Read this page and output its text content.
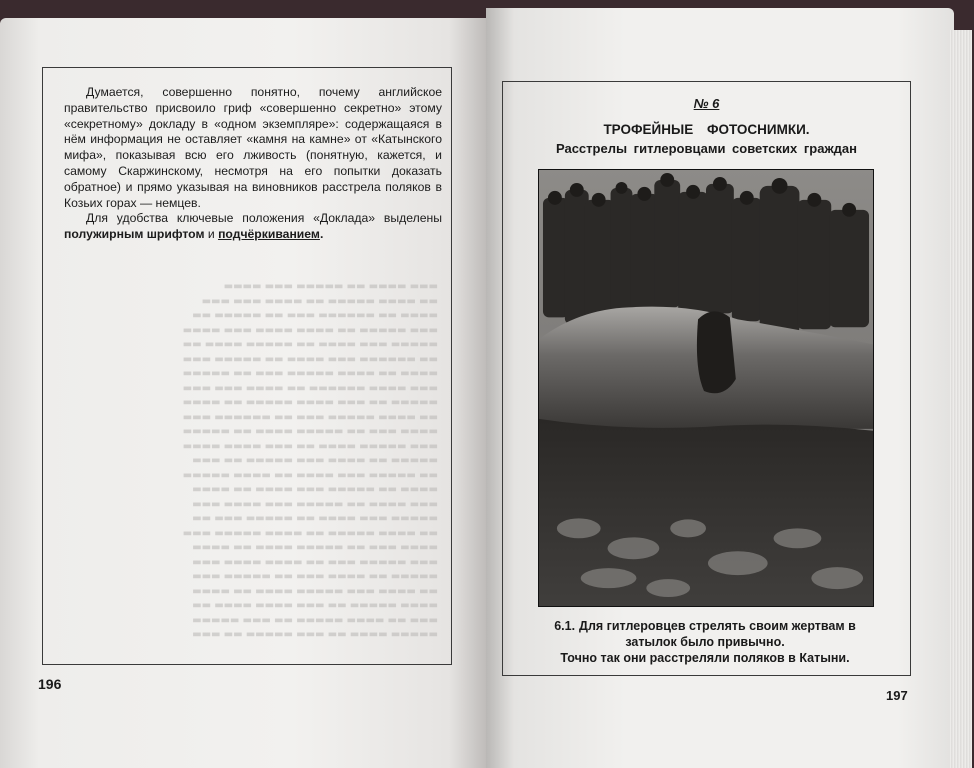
▬▬▬ ▬▬▬▬ ▬▬ ▬▬▬▬▬ ▬▬▬ ▬▬▬▬
▬▬ ▬▬▬▬ ▬▬▬▬▬ ▬▬ ▬▬▬▬ ▬▬▬ ▬▬▬
▬▬▬▬ ▬▬ ▬▬▬▬▬▬ ▬▬▬ ▬▬ ▬▬▬▬▬ ▬▬
▬▬▬ ▬▬▬▬▬ ▬▬ ▬▬▬▬ ▬▬▬▬ ▬▬▬ ▬▬▬▬
▬▬▬▬▬ ▬▬▬ ▬▬▬▬ ▬▬ ▬▬▬▬▬ ▬▬▬▬ ▬▬
▬▬ ▬▬▬▬▬▬ ▬▬▬ ▬▬▬▬ ▬▬ ▬▬▬▬▬ ▬▬▬
▬▬▬▬ ▬▬ ▬▬▬▬ ▬▬▬▬▬ ▬▬▬ ▬▬ ▬▬▬▬▬
▬▬▬ ▬▬▬▬ ▬▬▬▬▬▬ ▬▬ ▬▬▬▬ ▬▬▬ ▬▬▬
▬▬▬▬▬ ▬▬ ▬▬▬ ▬▬▬▬ ▬▬▬▬▬ ▬▬ ▬▬▬▬
▬▬ ▬▬▬▬ ▬▬▬▬▬ ▬▬▬ ▬▬ ▬▬▬▬▬▬ ▬▬▬
▬▬▬▬ ▬▬▬ ▬▬ ▬▬▬▬▬ ▬▬▬▬ ▬▬ ▬▬▬▬▬
▬▬▬ ▬▬▬▬▬ ▬▬▬▬ ▬▬ ▬▬▬ ▬▬▬▬ ▬▬▬▬
▬▬▬▬▬ ▬▬ ▬▬▬▬ ▬▬▬ ▬▬▬▬▬ ▬▬ ▬▬▬
▬▬ ▬▬▬▬▬ ▬▬▬ ▬▬▬▬ ▬▬ ▬▬▬▬ ▬▬▬▬▬
▬▬▬▬ ▬▬ ▬▬▬▬▬ ▬▬▬ ▬▬▬▬ ▬▬ ▬▬▬▬
▬▬▬ ▬▬▬▬ ▬▬ ▬▬▬▬▬ ▬▬▬ ▬▬▬▬ ▬▬▬
▬▬▬▬▬ ▬▬▬ ▬▬▬▬ ▬▬ ▬▬▬▬▬ ▬▬▬ ▬▬
▬▬ ▬▬▬▬ ▬▬▬▬▬ ▬▬ ▬▬▬▬ ▬▬▬▬▬ ▬▬▬
▬▬▬▬ ▬▬▬ ▬▬ ▬▬▬▬▬ ▬▬▬▬ ▬▬ ▬▬▬▬
▬▬▬ ▬▬▬▬▬ ▬▬▬ ▬▬ ▬▬▬▬ ▬▬▬▬ ▬▬▬
▬▬▬▬▬ ▬▬ ▬▬▬▬ ▬▬▬ ▬▬ ▬▬▬▬▬ ▬▬▬
▬▬ ▬▬▬▬ ▬▬▬ ▬▬▬▬▬ ▬▬▬▬ ▬▬ ▬▬▬▬
▬▬▬▬ ▬▬▬▬▬ ▬▬ ▬▬▬ ▬▬▬▬ ▬▬▬▬ ▬▬
▬▬▬ ▬▬ ▬▬▬▬ ▬▬▬▬▬ ▬▬ ▬▬▬ ▬▬▬▬▬
▬▬▬▬▬ ▬▬▬▬ ▬▬ ▬▬▬ ▬▬▬▬▬ ▬▬ ▬▬▬

Думается, совершенно понятно, почему английское правительство присвоило гриф «совершенно секретно» этому «секретному» докладу в «одном экземпляре»: содержащаяся в нём информация не оставляет «камня на камне» от «Катынского мифа», показывая всю его лживость (понятную, кажется, и самому Скаржинскому, несмотря на его попытки доказать обратное) и прямо указывая на виновников расстрела поляков в Козьих горах — немцев.

Для удобства ключевые положения «Доклада» выделены полужирным шрифтом и подчёркиванием.

196
№ 6
ТРОФЕЙНЫЕ ФОТОСНИМКИ.
Расстрелы гитлеровцами советских граждан
6.1. Для гитлеровцев стрелять своим жертвам в затылок было привычно.
Точно так они расстреляли поляков в Катыни.
197
